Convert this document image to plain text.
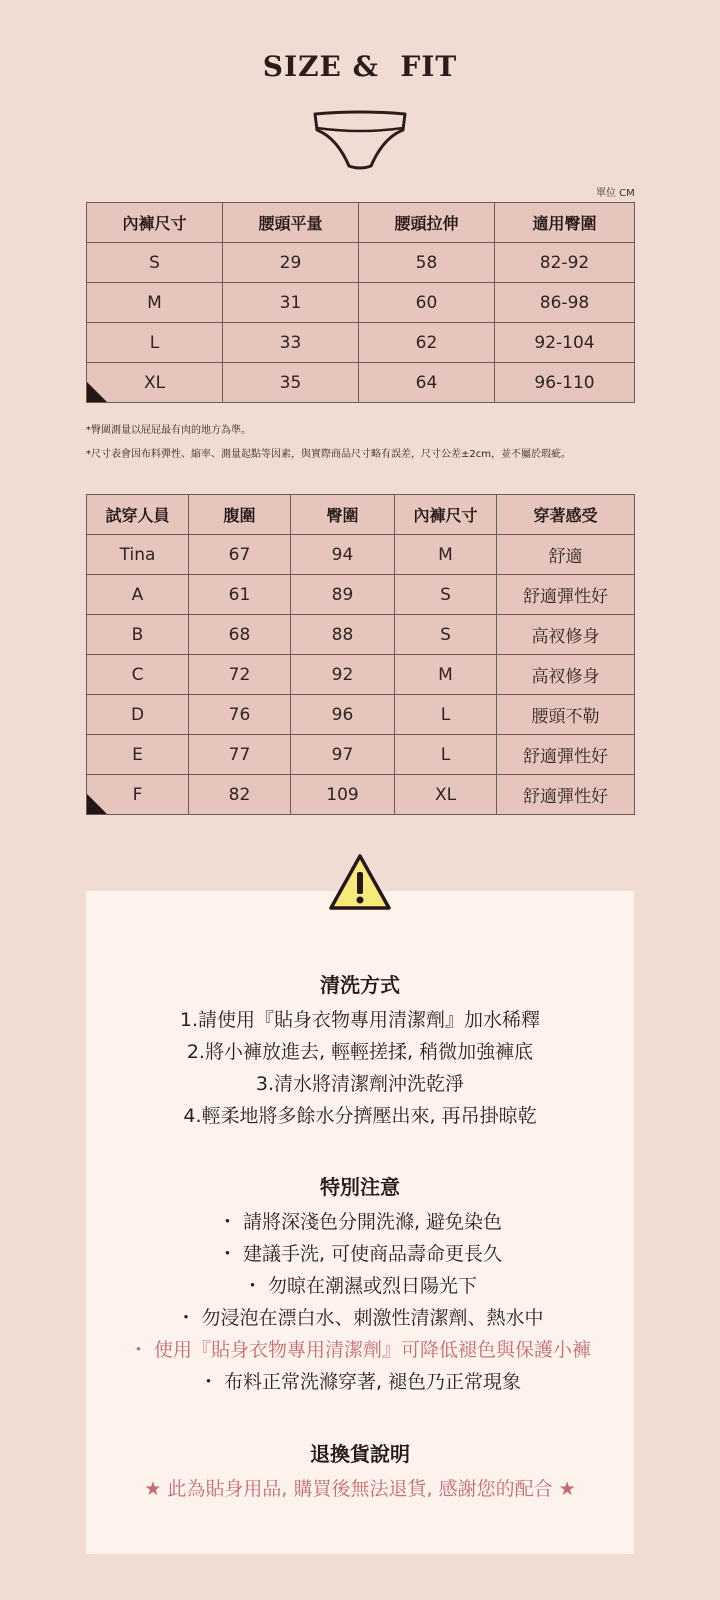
SIZE &  FIT
單位 CM
內褲尺寸	腰頭平量	腰頭拉伸	適用臀圍
S	29	58	82-92
M	31	60	86-98
L	33	62	92-104

XL	35	64	96-110
*臀圍測量以屁屁最有肉的地方為準。
*尺寸表會因布料彈性、縮率、測量起點等因素，與實際商品尺寸略有誤差，尺寸公差±2cm，並不屬於瑕疵。
試穿人員	腹圍	臀圍	內褲尺寸	穿著感受
Tina	67	94	M	舒適
A	61	89	S	舒適彈性好
B	68	88	S	高衩修身
C	72	92	M	高衩修身
D	76	96	L	腰頭不勒
E	77	97	L	舒適彈性好

F	82	109	XL	舒適彈性好
清洗方式
1.請使用『貼身衣物專用清潔劑』加水稀釋
2.將小褲放進去, 輕輕搓揉, 稍微加強褲底
3.清水將清潔劑沖洗乾淨
4.輕柔地將多餘水分擠壓出來, 再吊掛晾乾
特別注意
・ 請將深淺色分開洗滌, 避免染色
・ 建議手洗, 可使商品壽命更長久
・ 勿晾在潮濕或烈日陽光下
・ 勿浸泡在漂白水、刺激性清潔劑、熱水中
・ 使用『貼身衣物專用清潔劑』可降低褪色與保護小褲
・ 布料正常洗滌穿著, 褪色乃正常現象
退換貨說明
★ 此為貼身用品, 購買後無法退貨, 感謝您的配合 ★
